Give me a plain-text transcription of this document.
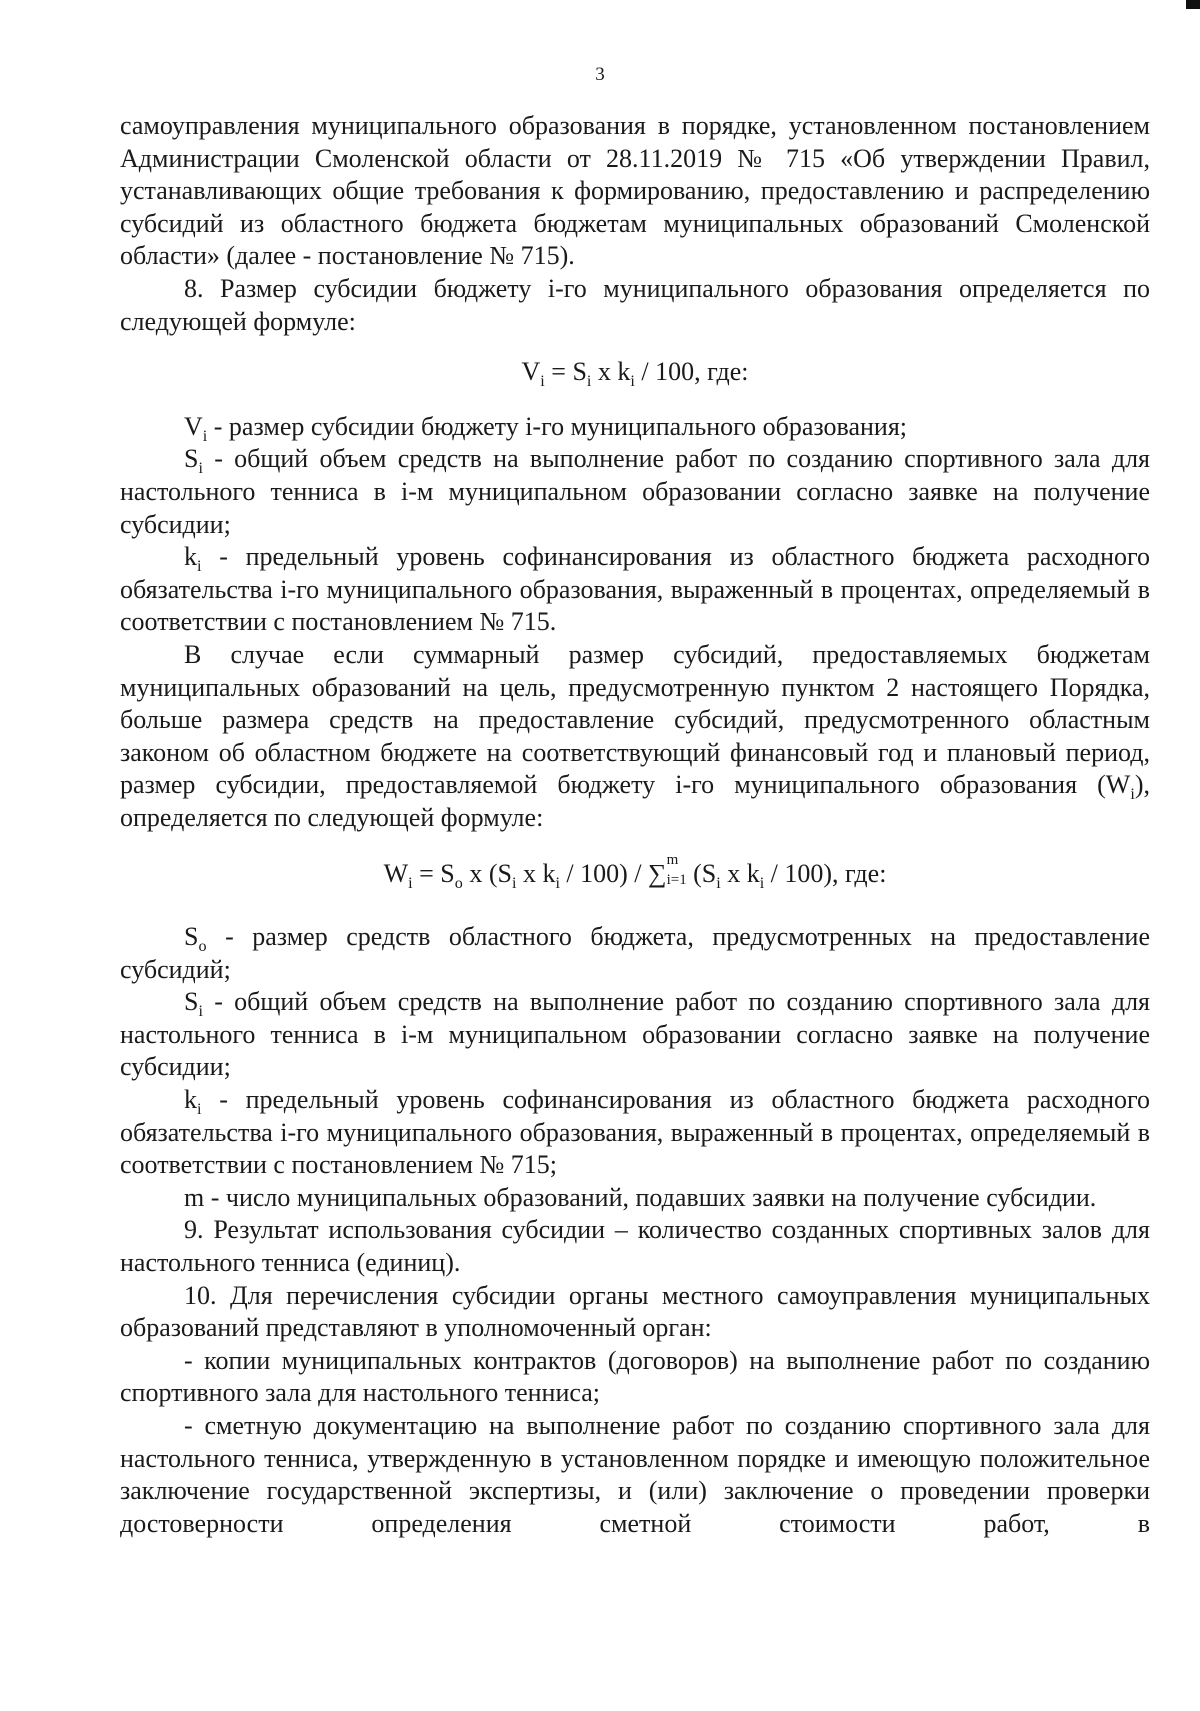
3

самоуправления муниципального образования в порядке, установленном постановлением Администрации Смоленской области от 28.11.2019 № 715 «Об утверждении Правил, устанавливающих общие требования к формированию, предоставлению и распределению субсидий из областного бюджета бюджетам муниципальных образований Смоленской области» (далее - постановление № 715).

8. Размер субсидии бюджету i-го муниципального образования определяется по следующей формуле:

$V_i = S_i$ x $k_i / 100$, где:

$V_i$ - размер субсидии бюджету i-го муниципального образования;

$S_i$ - общий объем средств на выполнение работ по созданию спортивного зала для настольного тенниса в i-м муниципальном образовании согласно заявке на получение субсидии;

$k_i$ - предельный уровень софинансирования из областного бюджета расходного обязательства i-го муниципального образования, выраженный в процентах, определяемый в соответствии с постановлением № 715.

В случае если суммарный размер субсидий, предоставляемых бюджетам муниципальных образований на цель, предусмотренную пунктом 2 настоящего Порядка, больше размера средств на предоставление субсидий, предусмотренного областным законом об областном бюджете на соответствующий финансовый год и плановый период, размер субсидии, предоставляемой бюджету i-го муниципального образования $(W_i)$, определяется по следующей формуле:

$W_i = S_o$ x ($S_i$ x $k_i / 100$) / ∑ m
i=1 ($S_i$ x $k_i / 100$), где:

$S_o$ - размер средств областного бюджета, предусмотренных на предоставление субсидий;

$S_i$ - общий объем средств на выполнение работ по созданию спортивного зала для настольного тенниса в i-м муниципальном образовании согласно заявке на получение субсидии;

$k_i$ - предельный уровень софинансирования из областного бюджета расходного обязательства i-го муниципального образования, выраженный в процентах, определяемый в соответствии с постановлением № 715;

m - число муниципальных образований, подавших заявки на получение субсидии.

9. Результат использования субсидии – количество созданных спортивных залов для настольного тенниса (единиц).

10. Для перечисления субсидии органы местного самоуправления муниципальных образований представляют в уполномоченный орган:

- копии муниципальных контрактов (договоров) на выполнение работ по созданию спортивного зала для настольного тенниса;

- сметную документацию на выполнение работ по созданию спортивного зала для настольного тенниса, утвержденную в установленном порядке и имеющую положительное заключение государственной экспертизы, и (или) заключение о проведении проверки достоверности определения сметной стоимости работ, в
